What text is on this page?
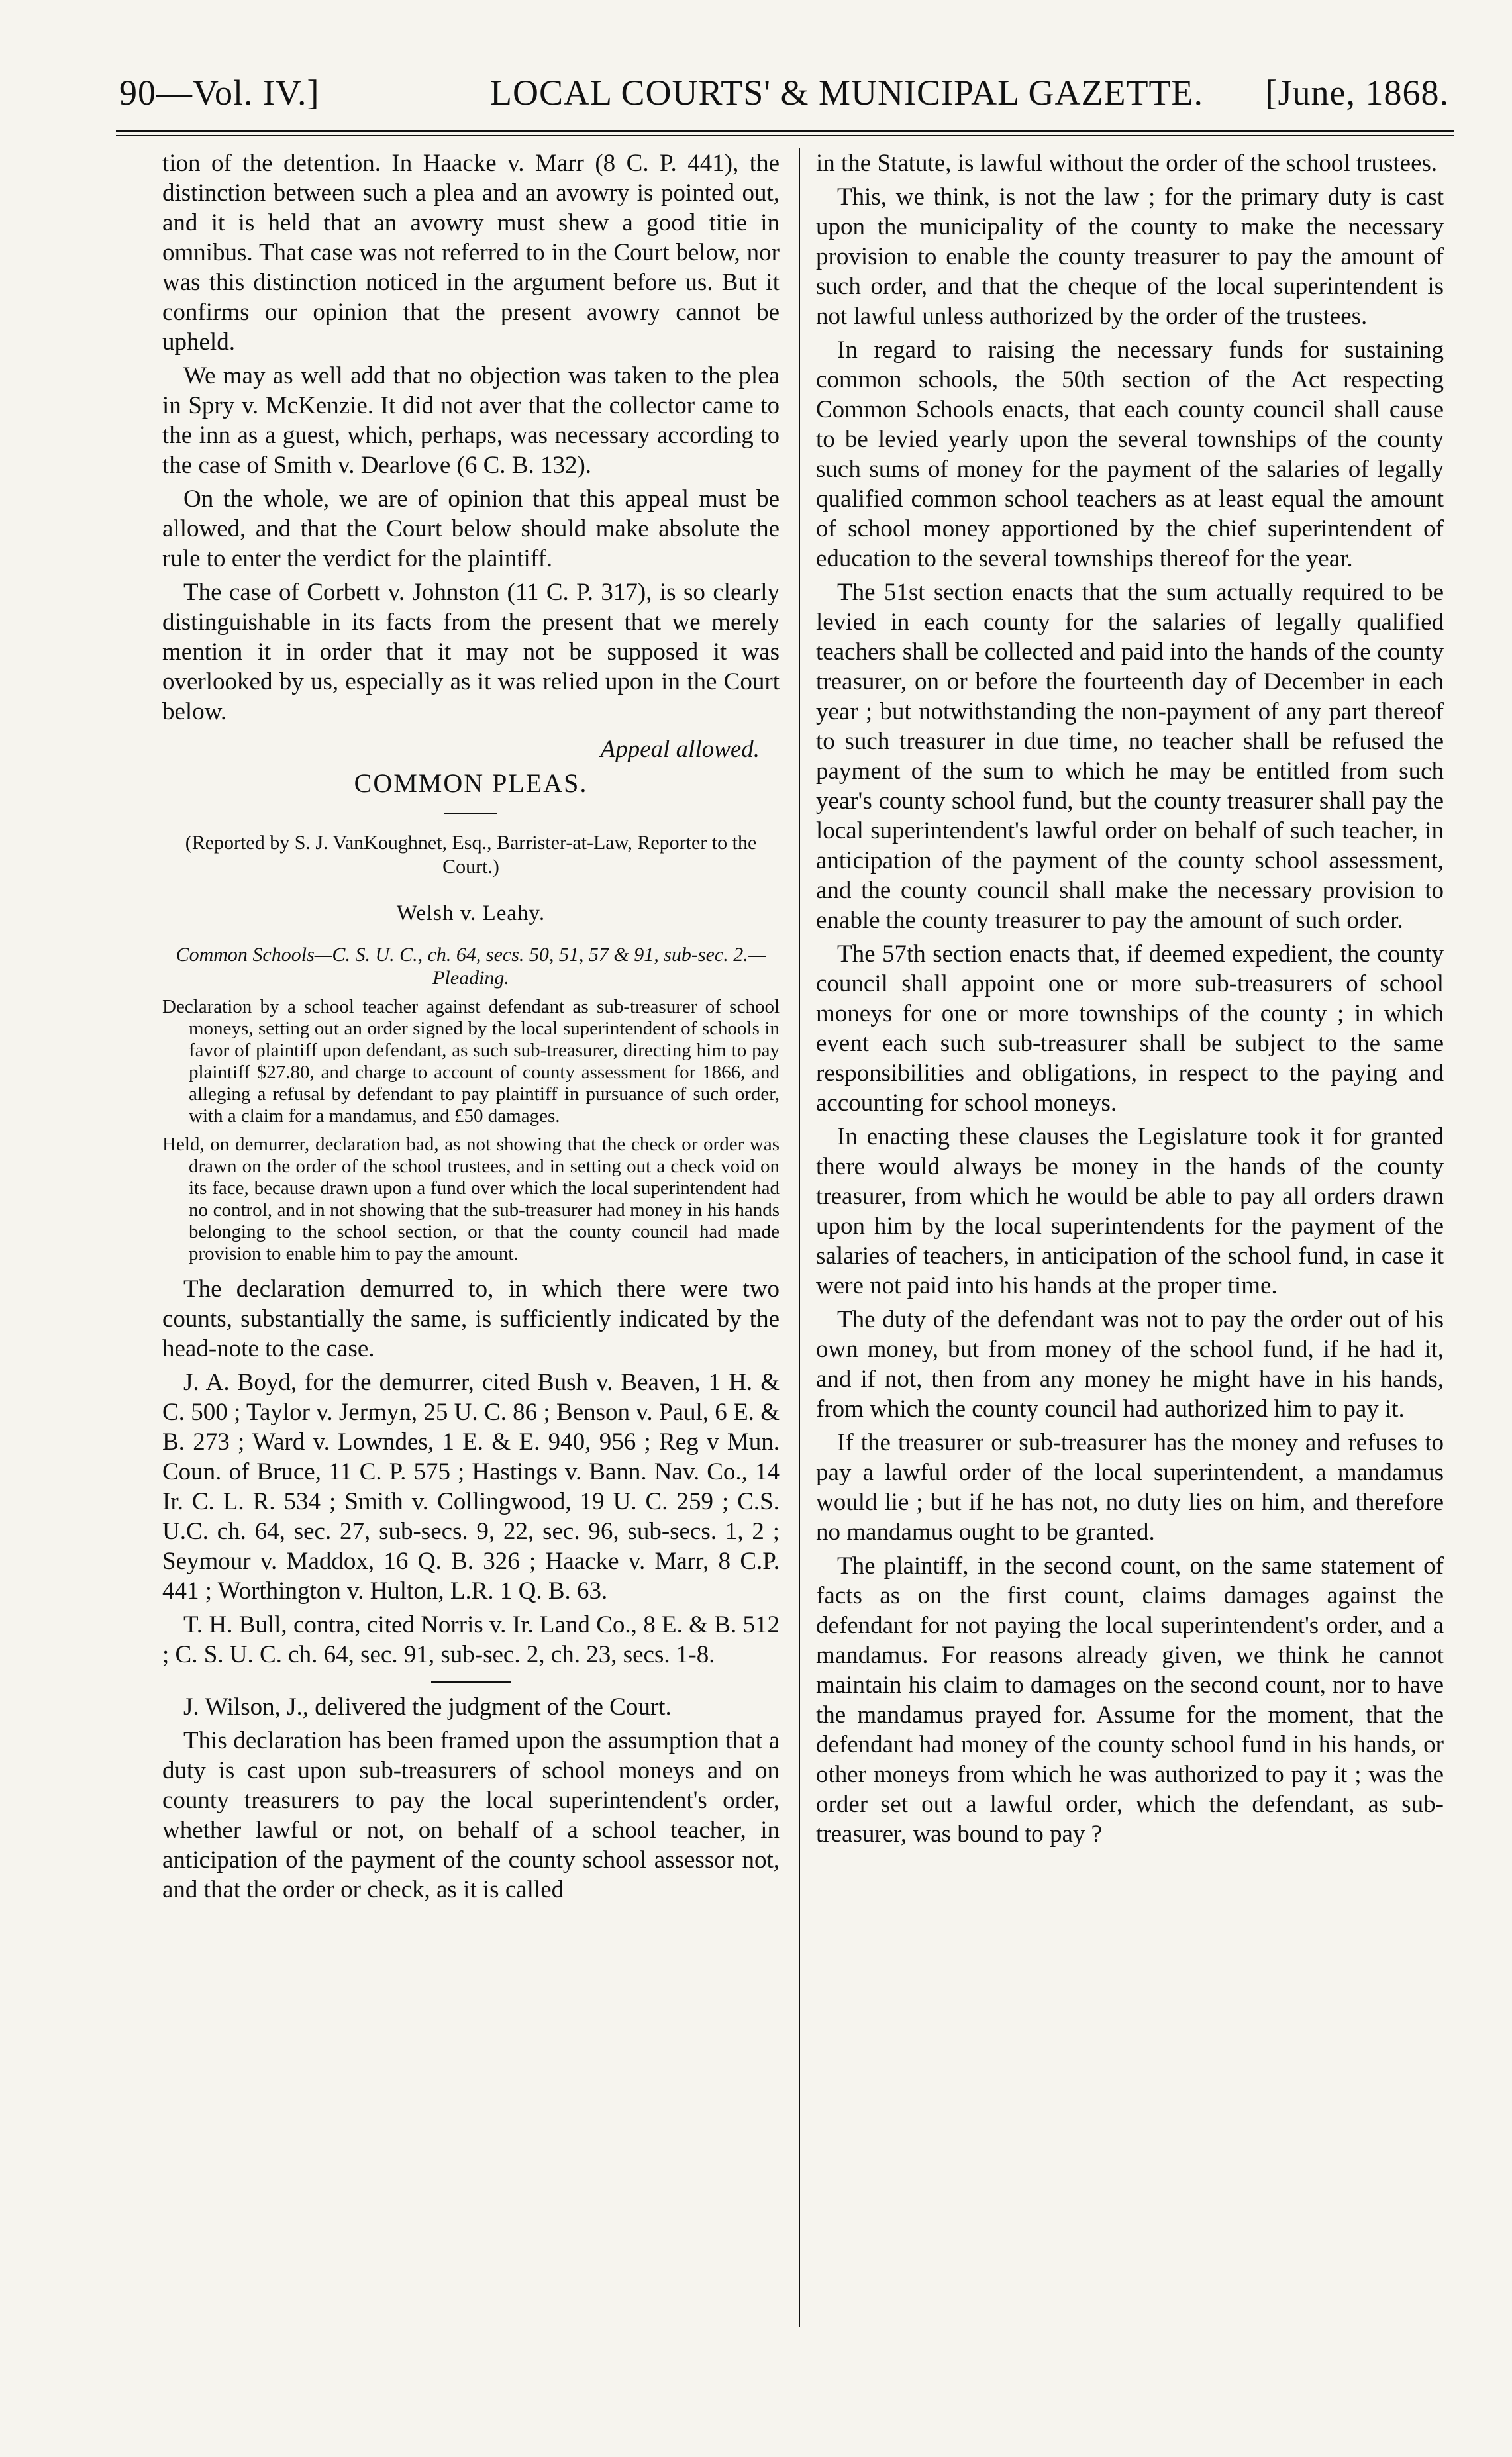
90—Vol. IV.]	LOCAL COURTS' & MUNICIPAL GAZETTE. [June, 1868.

tion of the detention. In Haacke v. Marr (8 C. P. 441), the distinction between such a plea and an avowry is pointed out, and it is held that an avowry must shew a good titie in omnibus. That case was not referred to in the Court below, nor was this distinction noticed in the argument before us. But it confirms our opinion that the present avowry cannot be upheld.

We may as well add that no objection was taken to the plea in Spry v. McKenzie. It did not aver that the collector came to the inn as a guest, which, perhaps, was necessary according to the case of Smith v. Dearlove (6 C. B. 132).

On the whole, we are of opinion that this appeal must be allowed, and that the Court below should make absolute the rule to enter the verdict for the plaintiff.

The case of Corbett v. Johnston (11 C. P. 317), is so clearly distinguishable in its facts from the present that we merely mention it in order that it may not be supposed it was overlooked by us, especially as it was relied upon in the Court below.

Appeal allowed.

COMMON PLEAS.

(Reported by S. J. VanKoughnet, Esq., Barrister-at-Law, Reporter to the Court.)

Welsh v. Leahy.

Common Schools—C. S. U. C., ch. 64, secs. 50, 51, 57 & 91, sub-sec. 2.—Pleading.

Declaration by a school teacher against defendant as sub-treasurer of school moneys, setting out an order signed by the local superintendent of schools in favor of plaintiff upon defendant, as such sub-treasurer, directing him to pay plaintiff $27.80, and charge to account of county assessment for 1866, and alleging a refusal by defendant to pay plaintiff in pursuance of such order, with a claim for a mandamus, and £50 damages.

Held, on demurrer, declaration bad, as not showing that the check or order was drawn on the order of the school trustees, and in setting out a check void on its face, because drawn upon a fund over which the local superintendent had no control, and in not showing that the sub-treasurer had money in his hands belonging to the school section, or that the county council had made provision to enable him to pay the amount.

The declaration demurred to, in which there were two counts, substantially the same, is sufficiently indicated by the head-note to the case.

J. A. Boyd, for the demurrer, cited Bush v. Beaven, 1 H. & C. 500 ; Taylor v. Jermyn, 25 U. C. 86 ; Benson v. Paul, 6 E. & B. 273 ; Ward v. Lowndes, 1 E. & E. 940, 956 ; Reg v Mun. Coun. of Bruce, 11 C. P. 575 ; Hastings v. Bann. Nav. Co., 14 Ir. C. L. R. 534 ; Smith v. Collingwood, 19 U. C. 259 ; C.S. U.C. ch. 64, sec. 27, sub-secs. 9, 22, sec. 96, sub-secs. 1, 2 ; Seymour v. Maddox, 16 Q. B. 326 ; Haacke v. Marr, 8 C.P. 441 ; Worthington v. Hulton, L.R. 1 Q. B. 63.

T. H. Bull, contra, cited Norris v. Ir. Land Co., 8 E. & B. 512 ; C. S. U. C. ch. 64, sec. 91, sub-sec. 2, ch. 23, secs. 1-8.

J. Wilson, J., delivered the judgment of the Court.

This declaration has been framed upon the assumption that a duty is cast upon sub-treasurers of school moneys and on county treasurers to pay the local superintendent's order, whether lawful or not, on behalf of a school teacher, in anticipation of the payment of the county school assessor not, and that the order or check, as it is called

in the Statute, is lawful without the order of the school trustees.

This, we think, is not the law ; for the primary duty is cast upon the municipality of the county to make the necessary provision to enable the county treasurer to pay the amount of such order, and that the cheque of the local superintendent is not lawful unless authorized by the order of the trustees.

In regard to raising the necessary funds for sustaining common schools, the 50th section of the Act respecting Common Schools enacts, that each county council shall cause to be levied yearly upon the several townships of the county such sums of money for the payment of the salaries of legally qualified common school teachers as at least equal the amount of school money apportioned by the chief superintendent of education to the several townships thereof for the year.

The 51st section enacts that the sum actually required to be levied in each county for the salaries of legally qualified teachers shall be collected and paid into the hands of the county treasurer, on or before the fourteenth day of December in each year ; but notwithstanding the non-payment of any part thereof to such treasurer in due time, no teacher shall be refused the payment of the sum to which he may be entitled from such year's county school fund, but the county treasurer shall pay the local superintendent's lawful order on behalf of such teacher, in anticipation of the payment of the county school assessment, and the county council shall make the necessary provision to enable the county treasurer to pay the amount of such order.

The 57th section enacts that, if deemed expedient, the county council shall appoint one or more sub-treasurers of school moneys for one or more townships of the county ; in which event each such sub-treasurer shall be subject to the same responsibilities and obligations, in respect to the paying and accounting for school moneys.

In enacting these clauses the Legislature took it for granted there would always be money in the hands of the county treasurer, from which he would be able to pay all orders drawn upon him by the local superintendents for the payment of the salaries of teachers, in anticipation of the school fund, in case it were not paid into his hands at the proper time.

The duty of the defendant was not to pay the order out of his own money, but from money of the school fund, if he had it, and if not, then from any money he might have in his hands, from which the county council had authorized him to pay it.

If the treasurer or sub-treasurer has the money and refuses to pay a lawful order of the local superintendent, a mandamus would lie ; but if he has not, no duty lies on him, and therefore no mandamus ought to be granted.

The plaintiff, in the second count, on the same statement of facts as on the first count, claims damages against the defendant for not paying the local superintendent's order, and a mandamus. For reasons already given, we think he cannot maintain his claim to damages on the second count, nor to have the mandamus prayed for. Assume for the moment, that the defendant had money of the county school fund in his hands, or other moneys from which he was authorized to pay it ; was the order set out a lawful order, which the defendant, as sub-treasurer, was bound to pay ?
